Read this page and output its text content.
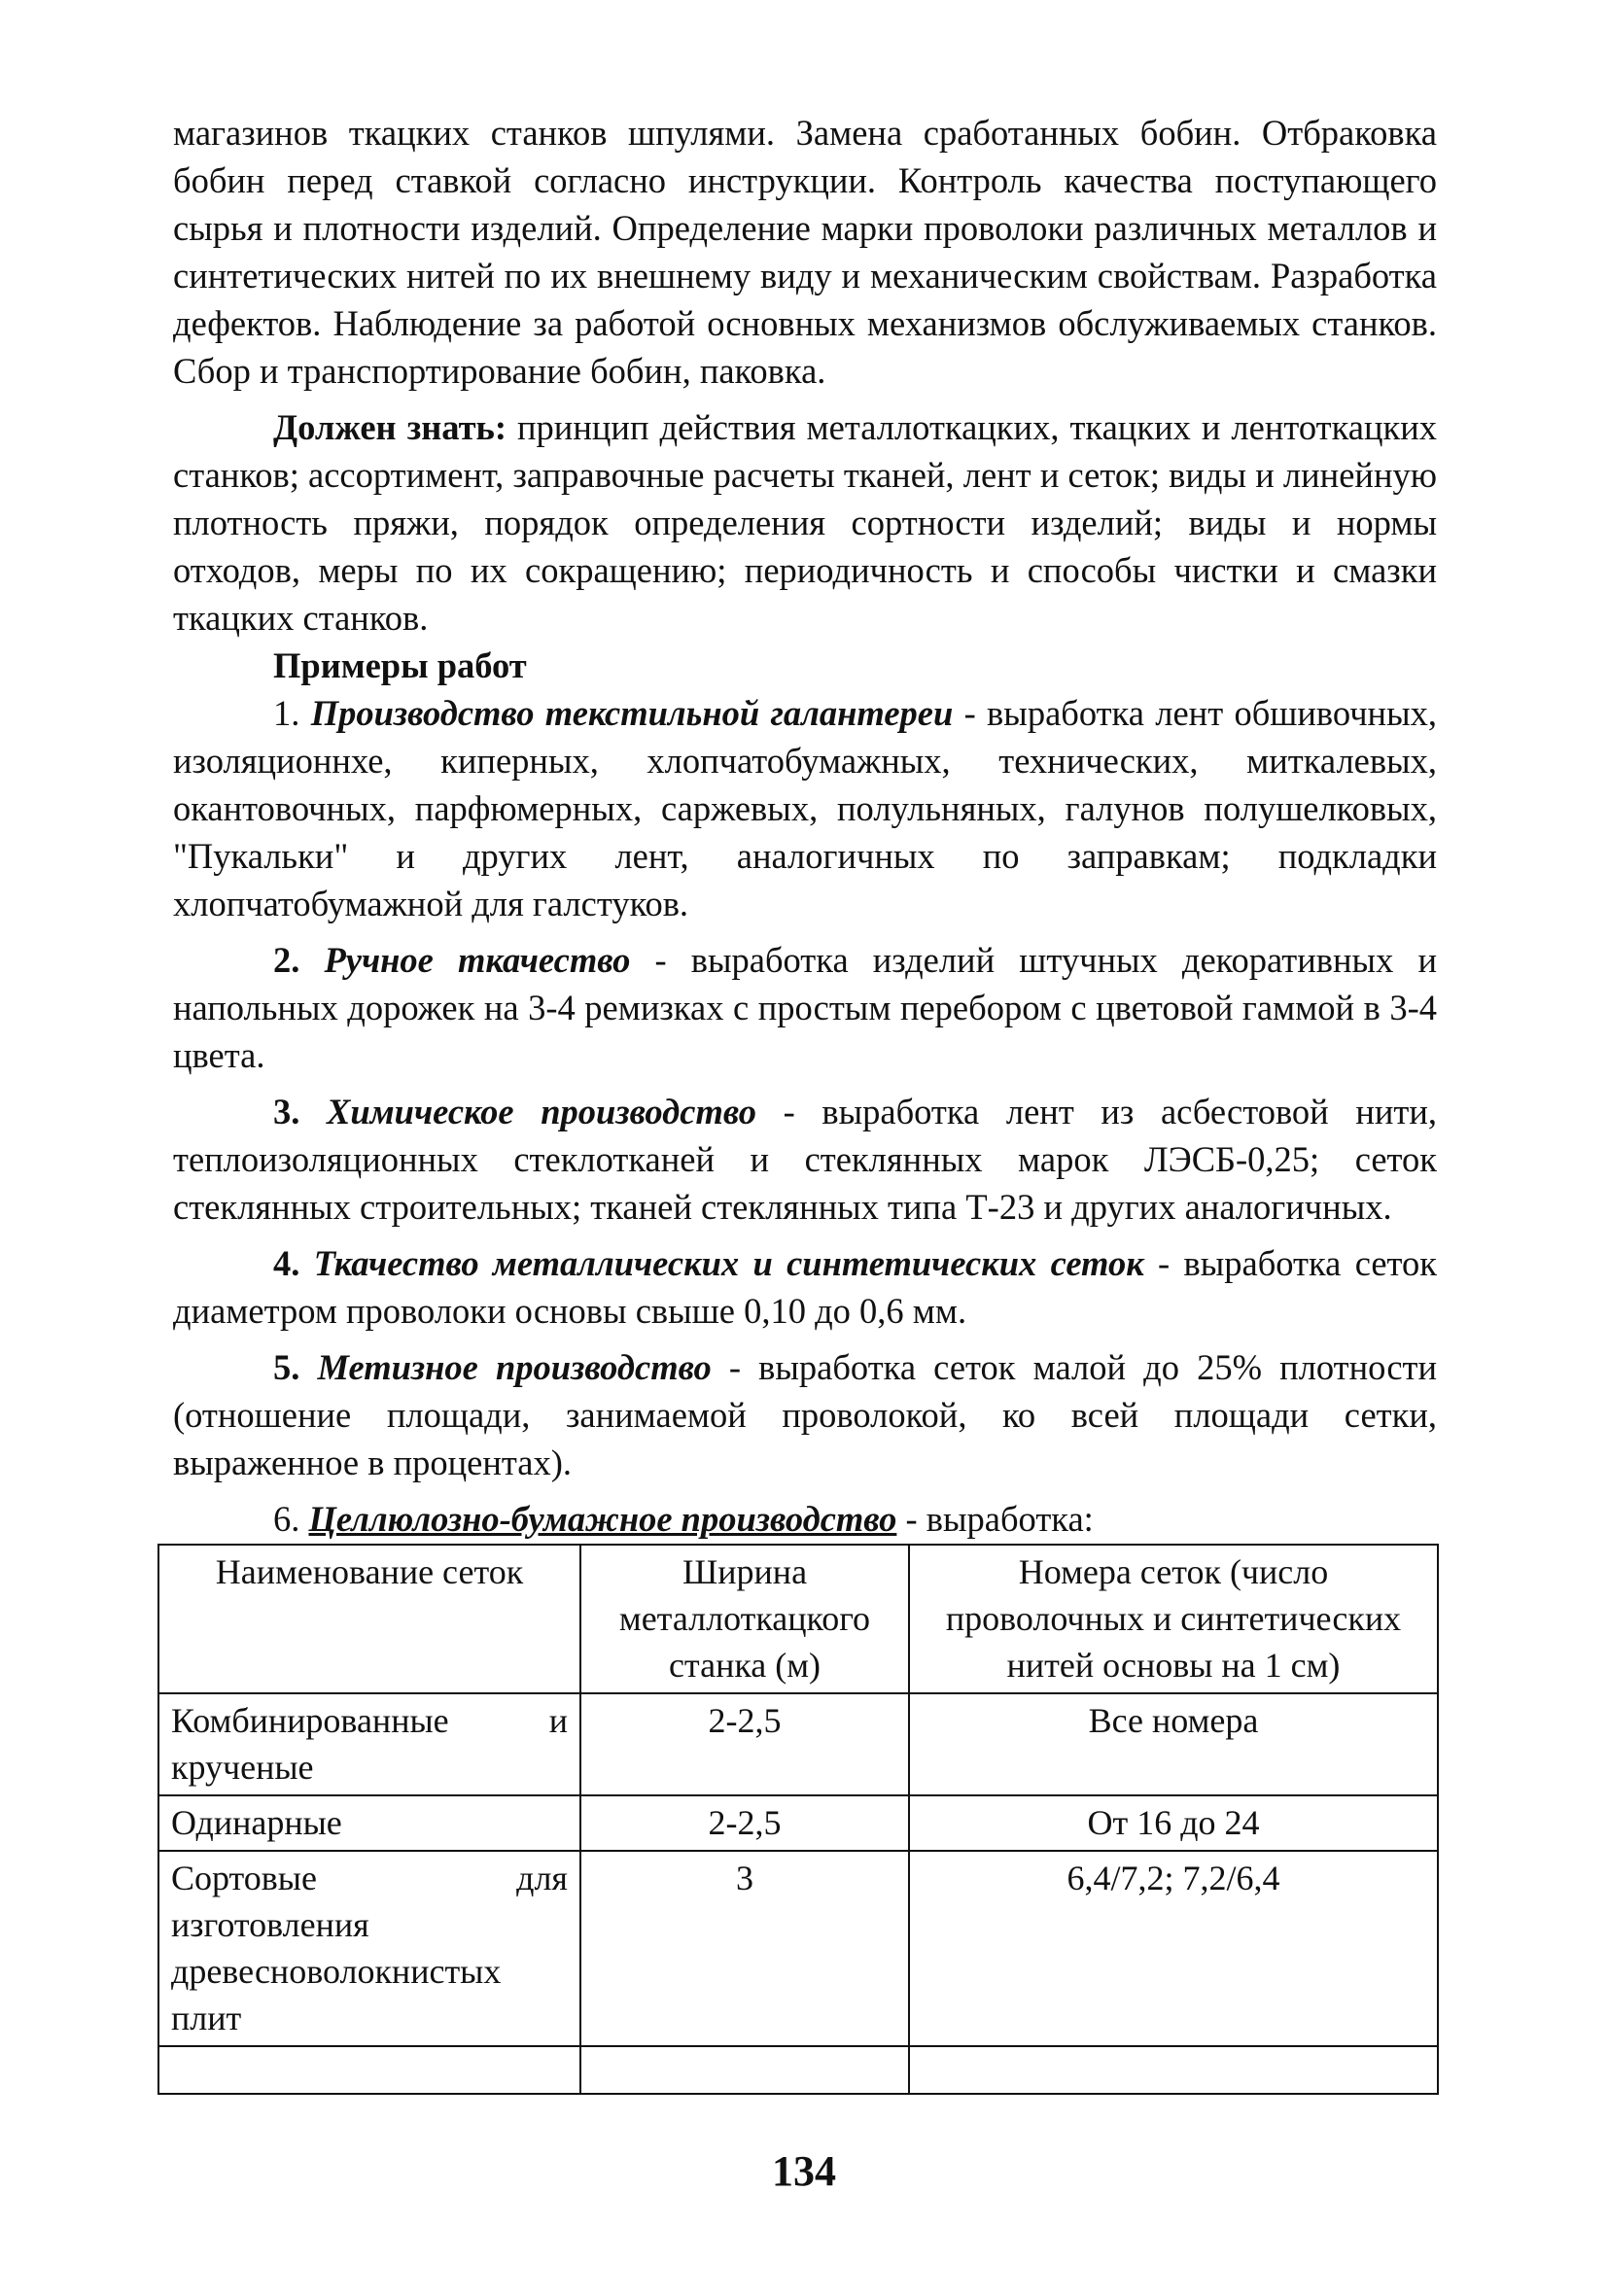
магазинов ткацких станков шпулями. Замена сработанных бобин. Отбраковка бобин перед ставкой согласно инструкции. Контроль качества поступающего сырья и плотности изделий. Определение марки проволоки различных металлов и синтетических нитей по их внешнему виду и механическим свойствам. Разработка дефектов. Наблюдение за работой основных механизмов обслуживаемых станков. Сбор и транспортирование бобин, паковка.

Должен знать: принцип действия металлоткацких, ткацких и лентоткацких станков; ассортимент, заправочные расчеты тканей, лент и сеток; виды и линейную плотность пряжи, порядок определения сортности изделий; виды и нормы отходов, меры по их сокращению; периодичность и способы чистки и смазки ткацких станков.

Примеры работ

1. Производство текстильной галантереи - выработка лент обшивочных, изоляционнхе, киперных, хлопчатобумажных, технических, миткалевых, окантовочных, парфюмерных, саржевых, полульняных, галунов полушелковых, "Пукальки" и других лент, аналогичных по заправкам; подкладки хлопчатобумажной для галстуков.

2. Ручное ткачество - выработка изделий штучных декоративных и напольных дорожек на 3-4 ремизках с простым перебором с цветовой гаммой в 3-4 цвета.

3. Химическое производство - выработка лент из асбестовой нити, теплоизоляционных стеклотканей и стеклянных марок ЛЭСБ-0,25; сеток стеклянных строительных; тканей стеклянных типа Т-23 и других аналогичных.

4. Ткачество металлических и синтетических сеток - выработка сеток диаметром проволоки основы свыше 0,10 до 0,6 мм.

5. Метизное производство - выработка сеток малой до 25% плотности (отношение площади, занимаемой проволокой, ко всей площади сетки, выраженное в процентах).

6. Целлюлозно-бумажное производство - выработка:

Наименование сеток	Ширина металлоткацкого станка (м)	Номера сеток (число проволочных и синтетических нитей основы на 1 см)
Комбинированные и крученые	2-2,5	Все номера
Одинарные	2-2,5	От 16 до 24
Сортовые для изготовления древесноволокнистых плит	3	6,4/7,2; 7,2/6,4

134
